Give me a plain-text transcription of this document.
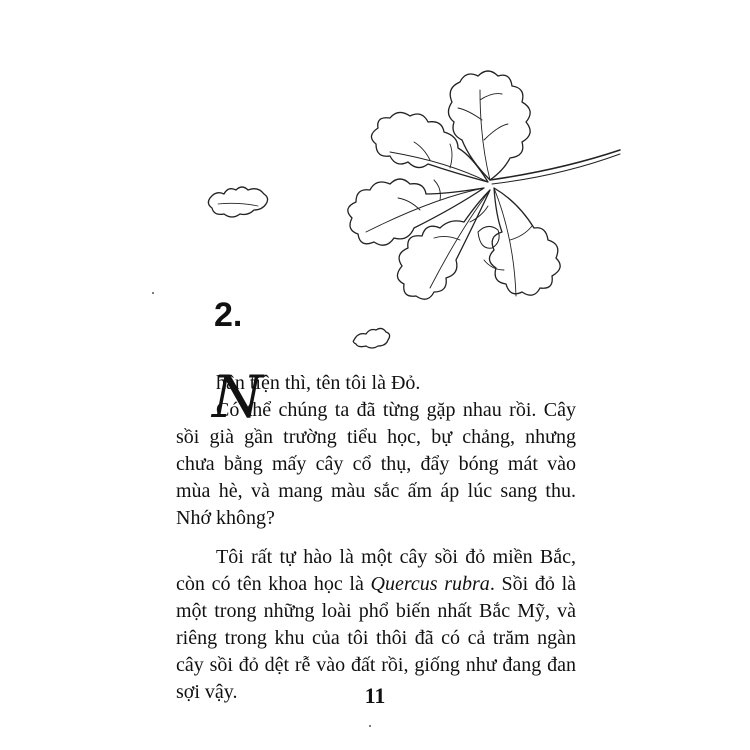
2.

N
hân tiện thì, tên tôi là Đỏ.
Có thể chúng ta đã từng gặp nhau rồi. Cây sồi già gần trường tiểu học, bự chảng, nhưng chưa bằng mấy cây cổ thụ, đẩy bóng mát vào mùa hè, và mang màu sắc ấm áp lúc sang thu. Nhớ không?

Tôi rất tự hào là một cây sồi đỏ miền Bắc, còn có tên khoa học là Quercus rubra. Sồi đỏ là một trong những loài phổ biến nhất Bắc Mỹ, và riêng trong khu của tôi thôi đã có cả trăm ngàn cây sồi đỏ dệt rễ vào đất rồi, giống như đang đan sợi vậy.	11
